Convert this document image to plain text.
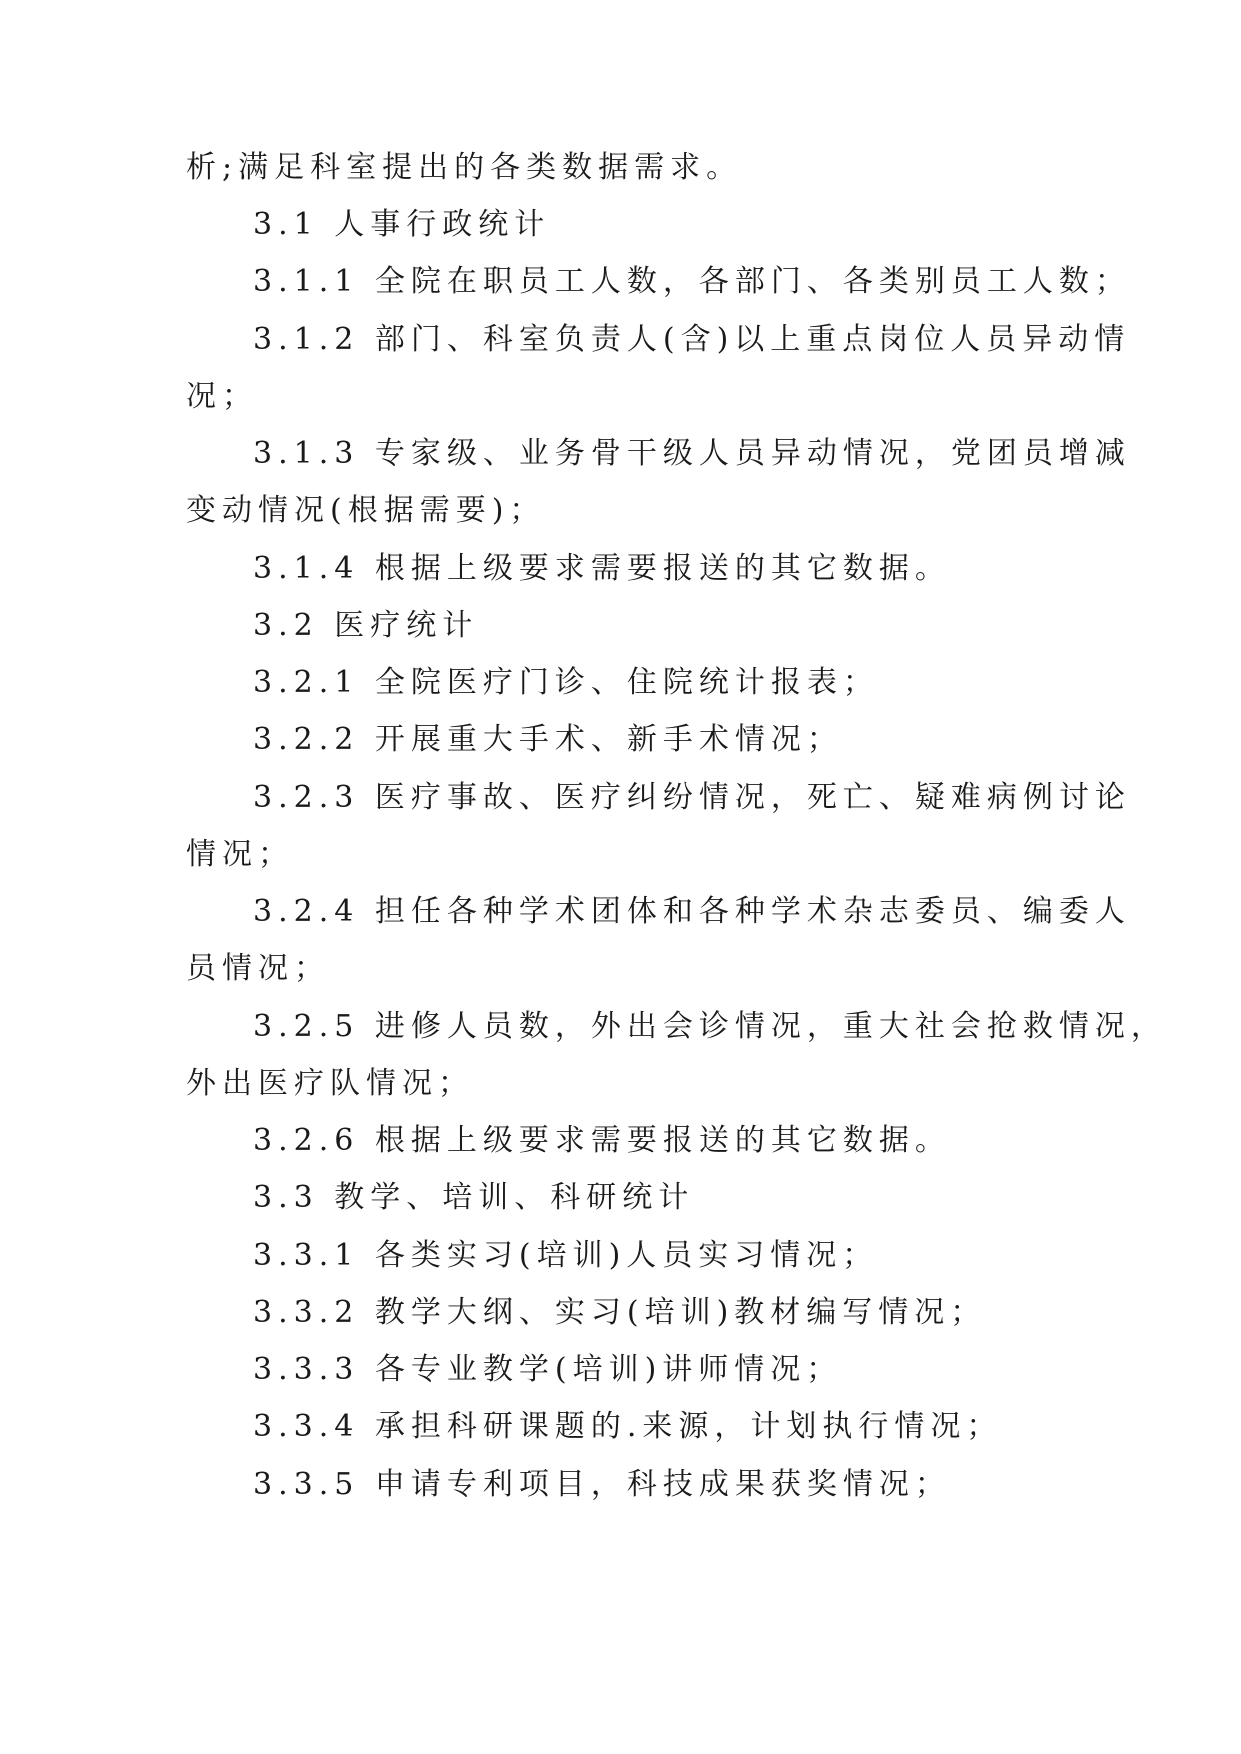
析;满足科室提出的各类数据需求。
3.1 人事行政统计
3.1.1 全院在职员工人数，各部门、各类别员工人数；
3.1.2 部门、科室负责人(含)以上重点岗位人员异动情
况；
3.1.3 专家级、业务骨干级人员异动情况，党团员增减
变动情况(根据需要)；
3.1.4 根据上级要求需要报送的其它数据。
3.2 医疗统计
3.2.1 全院医疗门诊、住院统计报表；
3.2.2 开展重大手术、新手术情况；
3.2.3 医疗事故、医疗纠纷情况，死亡、疑难病例讨论
情况；
3.2.4 担任各种学术团体和各种学术杂志委员、编委人
员情况；
3.2.5 进修人员数，外出会诊情况，重大社会抢救情况，
外出医疗队情况；
3.2.6 根据上级要求需要报送的其它数据。
3.3 教学、培训、科研统计
3.3.1 各类实习(培训)人员实习情况；
3.3.2 教学大纲、实习(培训)教材编写情况；
3.3.3 各专业教学(培训)讲师情况；
3.3.4 承担科研课题的.来源，计划执行情况；
3.3.5 申请专利项目，科技成果获奖情况；
